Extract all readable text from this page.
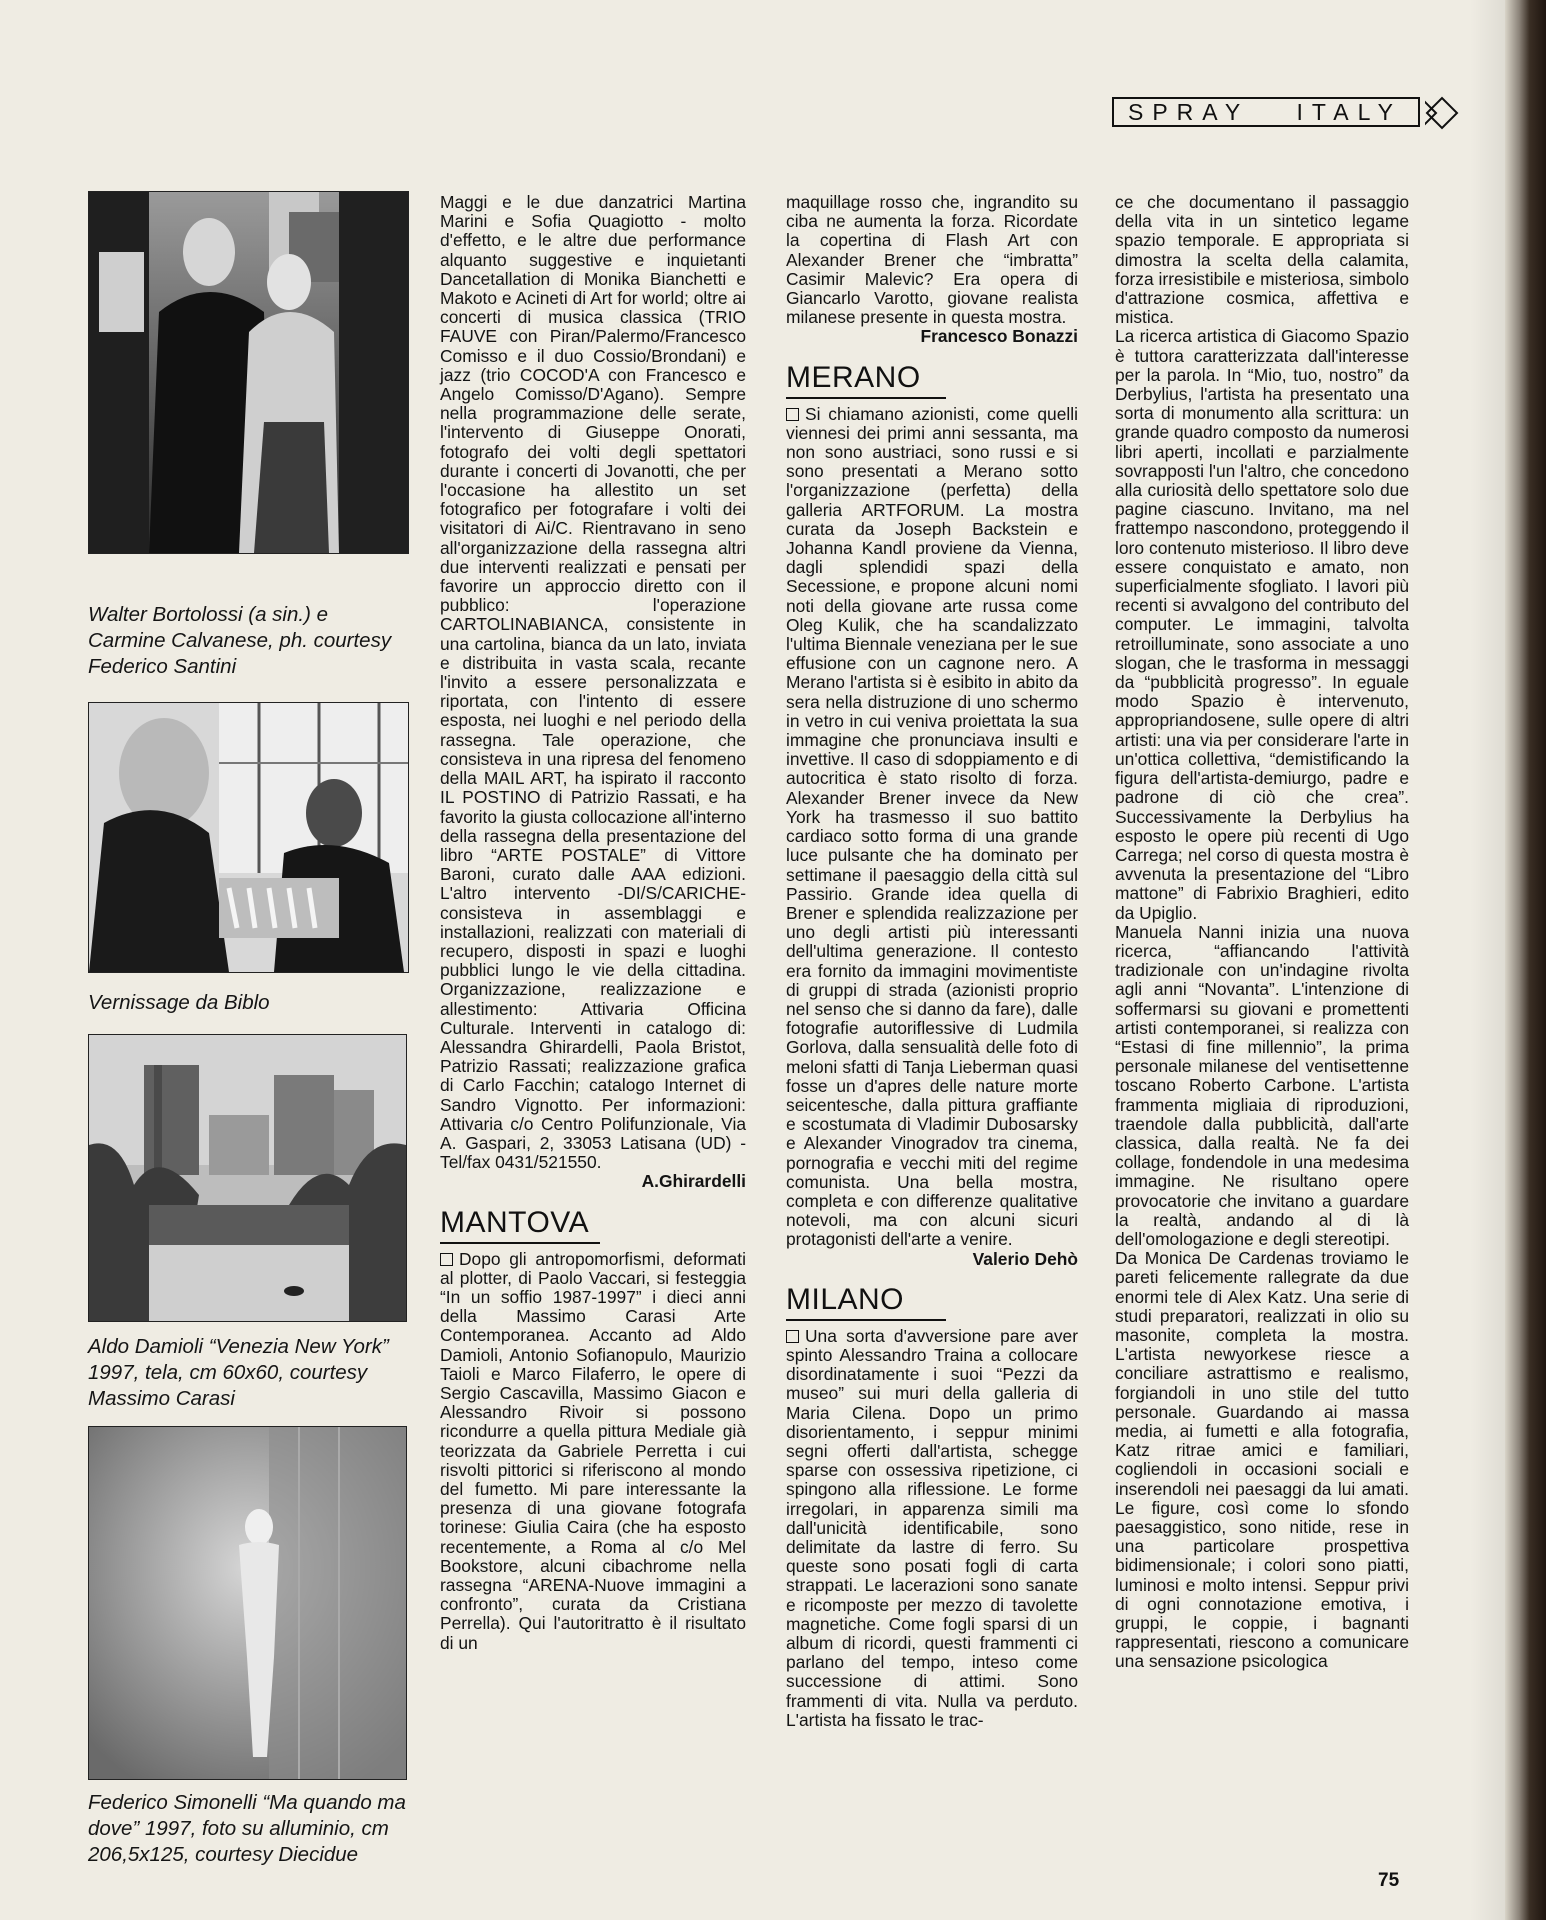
SPRAY ITALY
Walter Bortolossi (a sin.) e Carmine Calvanese, ph. courtesy Federico Santini
Vernissage da Biblo
Aldo Damioli “Venezia New York” 1997, tela, cm 60x60, courtesy Massimo Carasi
Federico Simonelli “Ma quando ma dove” 1997, foto su alluminio, cm 206,5x125, courtesy Diecidue

Maggi e le due danzatrici Martina Marini e Sofia Quagiotto - molto d'effetto, e le altre due performance alquanto suggestive e inquietanti Dancetallation di Monika Bianchetti e Makoto e Acineti di Art for world; oltre ai concerti di musica classica (TRIO FAUVE con Piran/Palermo/Francesco Comisso e il duo Cossio/Brondani) e jazz (trio COCOD'A con Francesco e Angelo Comisso/D'Agano). Sempre nella programmazione delle serate, l'intervento di Giuseppe Onorati, fotografo dei volti degli spettatori durante i concerti di Jovanotti, che per l'occasione ha allestito un set fotografico per fotografare i volti dei visitatori di Ai/C. Rientravano in seno all'organizzazione della rassegna altri due interventi realizzati e pensati per favorire un approccio diretto con il pubblico: l'operazione CARTOLINABIANCA, consistente in una cartolina, bianca da un lato, inviata e distribuita in vasta scala, recante l'invito a essere personalizzata e riportata, con l'intento di essere esposta, nei luoghi e nel periodo della rassegna. Tale operazione, che consisteva in una ripresa del fenomeno della MAIL ART, ha ispirato il racconto IL POSTINO di Patrizio Rassati, e ha favorito la giusta collocazione all'interno della rassegna della presentazione del libro “ARTE POSTALE” di Vittore Baroni, curato dalle AAA edizioni. L'altro intervento -DI/S/CARICHE- consisteva in assemblaggi e installazioni, realizzati con materiali di recupero, disposti in spazi e luoghi pubblici lungo le vie della cittadina. Organizzazione, realizzazione e allestimento: Attivaria Officina Culturale. Interventi in catalogo di: Alessandra Ghirardelli, Paola Bristot, Patrizio Rassati; realizzazione grafica di Carlo Facchin; catalogo Internet di Sandro Vignotto. Per informazioni: Attivaria c/o Centro Polifunzionale, Via A. Gaspari, 2, 33053 Latisana (UD) - Tel/fax 0431/521550.

A.Ghirardelli

MANTOVA

Dopo gli antropomorfismi, deformati al plotter, di Paolo Vaccari, si festeggia “In un soffio 1987-1997” i dieci anni della Massimo Carasi Arte Contemporanea. Accanto ad Aldo Damioli, Antonio Sofianopulo, Maurizio Taioli e Marco Filaferro, le opere di Sergio Cascavilla, Massimo Giacon e Alessandro Rivoir si possono ricondurre a quella pittura Mediale già teorizzata da Gabriele Perretta i cui risvolti pittorici si riferiscono al mondo del fumetto. Mi pare interessante la presenza di una giovane fotografa torinese: Giulia Caira (che ha esposto recentemente, a Roma al c/o Mel Bookstore, alcuni cibachrome nella rassegna “ARENA-Nuove immagini a confronto”, curata da Cristiana Perrella). Qui l'autoritratto è il risultato di un

maquillage rosso che, ingrandito su ciba ne aumenta la forza. Ricordate la copertina di Flash Art con Alexander Brener che “imbratta” Casimir Malevic? Era opera di Giancarlo Varotto, giovane realista milanese presente in questa mostra.

Francesco Bonazzi

MERANO

Si chiamano azionisti, come quelli viennesi dei primi anni sessanta, ma non sono austriaci, sono russi e si sono presentati a Merano sotto l'organizzazione (perfetta) della galleria ARTFORUM. La mostra curata da Joseph Backstein e Johanna Kandl proviene da Vienna, dagli splendidi spazi della Secessione, e propone alcuni nomi noti della giovane arte russa come Oleg Kulik, che ha scandalizzato l'ultima Biennale veneziana per le sue effusione con un cagnone nero. A Merano l'artista si è esibito in abito da sera nella distruzione di uno schermo in vetro in cui veniva proiettata la sua immagine che pronunciava insulti e invettive. Il caso di sdoppiamento e di autocritica è stato risolto di forza. Alexander Brener invece da New York ha trasmesso il suo battito cardiaco sotto forma di una grande luce pulsante che ha dominato per settimane il paesaggio della città sul Passirio. Grande idea quella di Brener e splendida realizzazione per uno degli artisti più interessanti dell'ultima generazione. Il contesto era fornito da immagini movimentiste di gruppi di strada (azionisti proprio nel senso che si danno da fare), dalle fotografie autoriflessive di Ludmila Gorlova, dalla sensualità delle foto di meloni sfatti di Tanja Lieberman quasi fosse un d'apres delle nature morte seicentesche, dalla pittura graffiante e scostumata di Vladimir Dubosarsky e Alexander Vinogradov tra cinema, pornografia e vecchi miti del regime comunista. Una bella mostra, completa e con differenze qualitative notevoli, ma con alcuni sicuri protagonisti dell'arte a venire.

Valerio Dehò

MILANO

Una sorta d'avversione pare aver spinto Alessandro Traina a collocare disordinatamente i suoi “Pezzi da museo” sui muri della galleria di Maria Cilena. Dopo un primo disorientamento, i seppur minimi segni offerti dall'artista, schegge sparse con ossessiva ripetizione, ci spingono alla riflessione. Le forme irregolari, in apparenza simili ma dall'unicità identificabile, sono delimitate da lastre di ferro. Su queste sono posati fogli di carta strappati. Le lacerazioni sono sanate e ricomposte per mezzo di tavolette magnetiche. Come fogli sparsi di un album di ricordi, questi frammenti ci parlano del tempo, inteso come successione di attimi. Sono frammenti di vita. Nulla va perduto. L'artista ha fissato le trac-

ce che documentano il passaggio della vita in un sintetico legame spazio temporale. E appropriata si dimostra la scelta della calamita, forza irresistibile e misteriosa, simbolo d'attrazione cosmica, affettiva e mistica.

La ricerca artistica di Giacomo Spazio è tuttora caratterizzata dall'interesse per la parola. In “Mio, tuo, nostro” da Derbylius, l'artista ha presentato una sorta di monumento alla scrittura: un grande quadro composto da numerosi libri aperti, incollati e parzialmente sovrapposti l'un l'altro, che concedono alla curiosità dello spettatore solo due pagine ciascuno. Invitano, ma nel frattempo nascondono, proteggendo il loro contenuto misterioso. Il libro deve essere conquistato e amato, non superficialmente sfogliato. I lavori più recenti si avvalgono del contributo del computer. Le immagini, talvolta retroilluminate, sono associate a uno slogan, che le trasforma in messaggi da “pubblicità progresso”. In eguale modo Spazio è intervenuto, appropriandosene, sulle opere di altri artisti: una via per considerare l'arte in un'ottica collettiva, “demistificando la figura dell'artista-demiurgo, padre e padrone di ciò che crea”. Successivamente la Derbylius ha esposto le opere più recenti di Ugo Carrega; nel corso di questa mostra è avvenuta la presentazione del “Libro mattone” di Fabrixio Braghieri, edito da Upiglio.

Manuela Nanni inizia una nuova ricerca, “affiancando l'attività tradizionale con un'indagine rivolta agli anni “Novanta”. L'intenzione di soffermarsi su giovani e promettenti artisti contemporanei, si realizza con “Estasi di fine millennio”, la prima personale milanese del ventisettenne toscano Roberto Carbone. L'artista frammenta migliaia di riproduzioni, traendole dalla pubblicità, dall'arte classica, dalla realtà. Ne fa dei collage, fondendole in una medesima immagine. Ne risultano opere provocatorie che invitano a guardare la realtà, andando al di là dell'omologazione e degli stereotipi.

Da Monica De Cardenas troviamo le pareti felicemente rallegrate da due enormi tele di Alex Katz. Una serie di studi preparatori, realizzati in olio su masonite, completa la mostra. L'artista newyorkese riesce a conciliare astrattismo e realismo, forgiandoli in uno stile del tutto personale. Guardando ai massa media, ai fumetti e alla fotografia, Katz ritrae amici e familiari, cogliendoli in occasioni sociali e inserendoli nei paesaggi da lui amati. Le figure, così come lo sfondo paesaggistico, sono nitide, rese in una particolare prospettiva bidimensionale; i colori sono piatti, luminosi e molto intensi. Seppur privi di ogni connotazione emotiva, i gruppi, le coppie, i bagnanti rappresentati, riescono a comunicare una sensazione psicologica

75
